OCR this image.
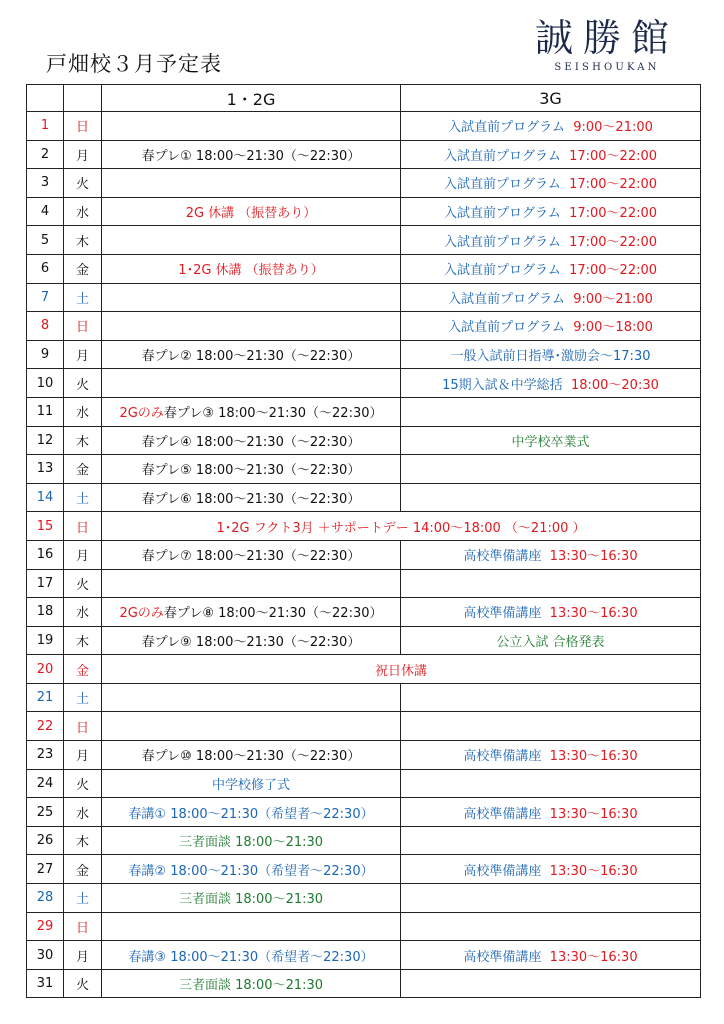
戸畑校３月予定表
誠勝館
SEISHOUKAN
		1・2G	3G
1	日		入試直前プログラム 9:00～21:00
2	月	春プレ① 18:00～21:30（～22:30）	入試直前プログラム 17:00～22:00
3	火		入試直前プログラム 17:00～22:00
4	水	2G 休講 （振替あり）	入試直前プログラム 17:00～22:00
5	木		入試直前プログラム 17:00～22:00
6	金	1･2G 休講 （振替あり）	入試直前プログラム 17:00～22:00
7	土		入試直前プログラム 9:00～21:00
8	日		入試直前プログラム 9:00～18:00
9	月	春プレ② 18:00～21:30（～22:30）	一般入試前日指導･激励会～17:30
10	火		15期入試＆中学総括 18:00～20:30
11	水	2Gのみ春プレ③ 18:00～21:30（～22:30）	
12	木	春プレ④ 18:00～21:30（～22:30）	中学校卒業式
13	金	春プレ⑤ 18:00～21:30（～22:30）	
14	土	春プレ⑥ 18:00～21:30（～22:30）	
15	日	1･2G フクト3月 ＋サポートデー 14:00～18:00 （～21:00 ）	
16	月	春プレ⑦ 18:00～21:30（～22:30）	高校準備講座 13:30～16:30
17	火		
18	水	2Gのみ春プレ⑧ 18:00～21:30（～22:30）	高校準備講座 13:30～16:30
19	木	春プレ⑨ 18:00～21:30（～22:30）	公立入試 合格発表
20	金	祝日休講	
21	土		
22	日		
23	月	春プレ⑩ 18:00～21:30（～22:30）	高校準備講座 13:30～16:30
24	火	中学校修了式	
25	水	春講① 18:00～21:30（希望者～22:30）	高校準備講座 13:30～16:30
26	木	三者面談 18:00～21:30	
27	金	春講② 18:00～21:30（希望者～22:30）	高校準備講座 13:30～16:30
28	土	三者面談 18:00～21:30	
29	日		
30	月	春講③ 18:00～21:30（希望者～22:30）	高校準備講座 13:30～16:30
31	火	三者面談 18:00～21:30	
